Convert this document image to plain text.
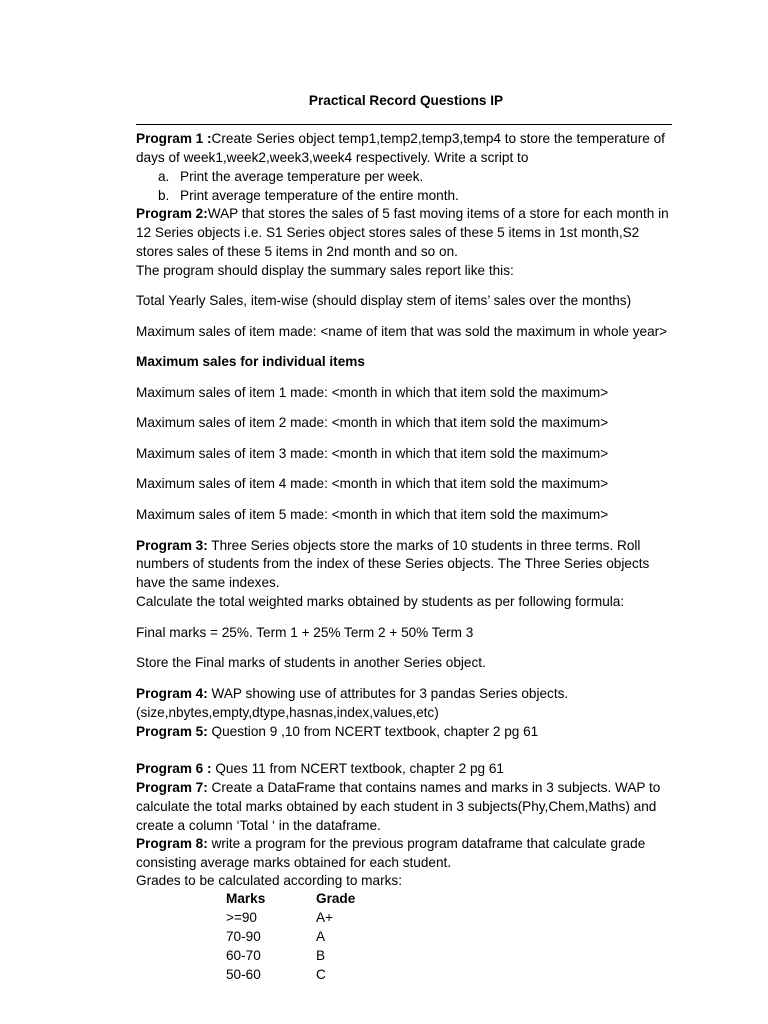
Practical Record Questions IP
Program 1 :Create Series object temp1,temp2,temp3,temp4 to store the temperature of
days of week1,week2,week3,week4 respectively. Write a script to
a. Print the average temperature per week.
b. Print average temperature of the entire month.
Program 2:WAP that stores the sales of 5 fast moving items of a store for each month in
12 Series objects i.e. S1 Series object stores sales of these 5 items in 1st month,S2
stores sales of these 5 items in 2nd month and so on.
The program should display the summary sales report like this:
Total Yearly Sales, item-wise (should display stem of items’ sales over the months)
Maximum sales of item made: <name of item that was sold the maximum in whole year>
Maximum sales for individual items
Maximum sales of item 1 made: <month in which that item sold the maximum>
Maximum sales of item 2 made: <month in which that item sold the maximum>
Maximum sales of item 3 made: <month in which that item sold the maximum>
Maximum sales of item 4 made: <month in which that item sold the maximum>
Maximum sales of item 5 made: <month in which that item sold the maximum>
Program 3: Three Series objects store the marks of 10 students in three terms. Roll
numbers of students from the index of these Series objects. The Three Series objects
have the same indexes.
Calculate the total weighted marks obtained by students as per following formula:
Final marks = 25%. Term 1 + 25% Term 2 + 50% Term 3
Store the Final marks of students in another Series object.
Program 4: WAP showing use of attributes for 3 pandas Series objects.
(size,nbytes,empty,dtype,hasnas,index,values,etc)
Program 5: Question 9 ,10 from NCERT textbook, chapter 2 pg 61
Program 6 : Ques 11 from NCERT textbook, chapter 2 pg 61
Program 7: Create a DataFrame that contains names and marks in 3 subjects. WAP to
calculate the total marks obtained by each student in 3 subjects(Phy,Chem,Maths) and
create a column ‘Total ‘ in the dataframe.
Program 8: write a program for the previous program dataframe that calculate grade
consisting average marks obtained for each student.
Grades to be calculated according to marks:
Marks	Grade
>=90	A+
70-90	A
60-70	B
50-60	C
